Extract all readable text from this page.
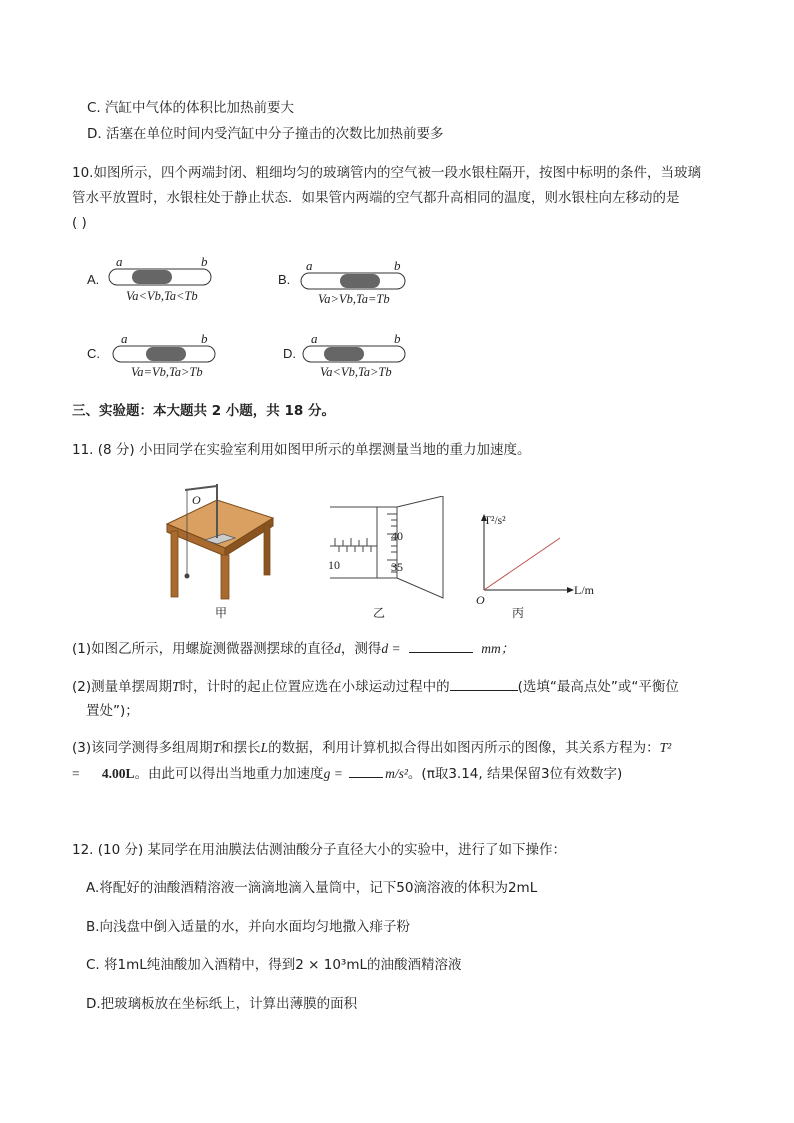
C. 汽缸中气体的体积比加热前要大
D. 活塞在单位时间内受汽缸中分子撞击的次数比加热前要多
10.如图所示，四个两端封闭、粗细均匀的玻璃管内的空气被一段水银柱隔开，按图中标明的条件，当玻璃
管水平放置时，水银柱处于静止状态．如果管内两端的空气都升高相同的温度，则水银柱向左移动的是
( )
A.
a	b
Va<Vb,Ta<Tb
B.
a	b
Va>Vb,Ta=Tb
C.
a	b
Va=Vb,Ta>Tb
D.
a	b
Va<Vb,Ta>Tb
三、实验题：本大题共 2 小题，共 18 分。
11. (8 分) 小田同学在实验室利用如图甲所示的单摆测量当地的重力加速度。
O
甲
40
35
10
乙
T²/s²
L/m
O
丙
(1)如图乙所示，用螺旋测微器测摆球的直径d，测得d =	mm；
(2)测量单摆周期T时，计时的起止位置应选在小球运动过程中的	(选填“最高点处”或“平衡位
置处”)；
(3)该同学测得多组周期T和摆长L的数据，利用计算机拟合得出如图丙所示的图像，其关系方程为：T²
= 4.00L。由此可以得出当地重力加速度g =	m/s²。(π取3.14, 结果保留3位有效数字)
12. (10 分) 某同学在用油膜法估测油酸分子直径大小的实验中，进行了如下操作：
A.将配好的油酸酒精溶液一滴滴地滴入量筒中，记下50滴溶液的体积为2mL
B.向浅盘中倒入适量的水，并向水面均匀地撒入痱子粉
C. 将1mL纯油酸加入酒精中，得到2 × 10³mL的油酸酒精溶液
D.把玻璃板放在坐标纸上，计算出薄膜的面积
